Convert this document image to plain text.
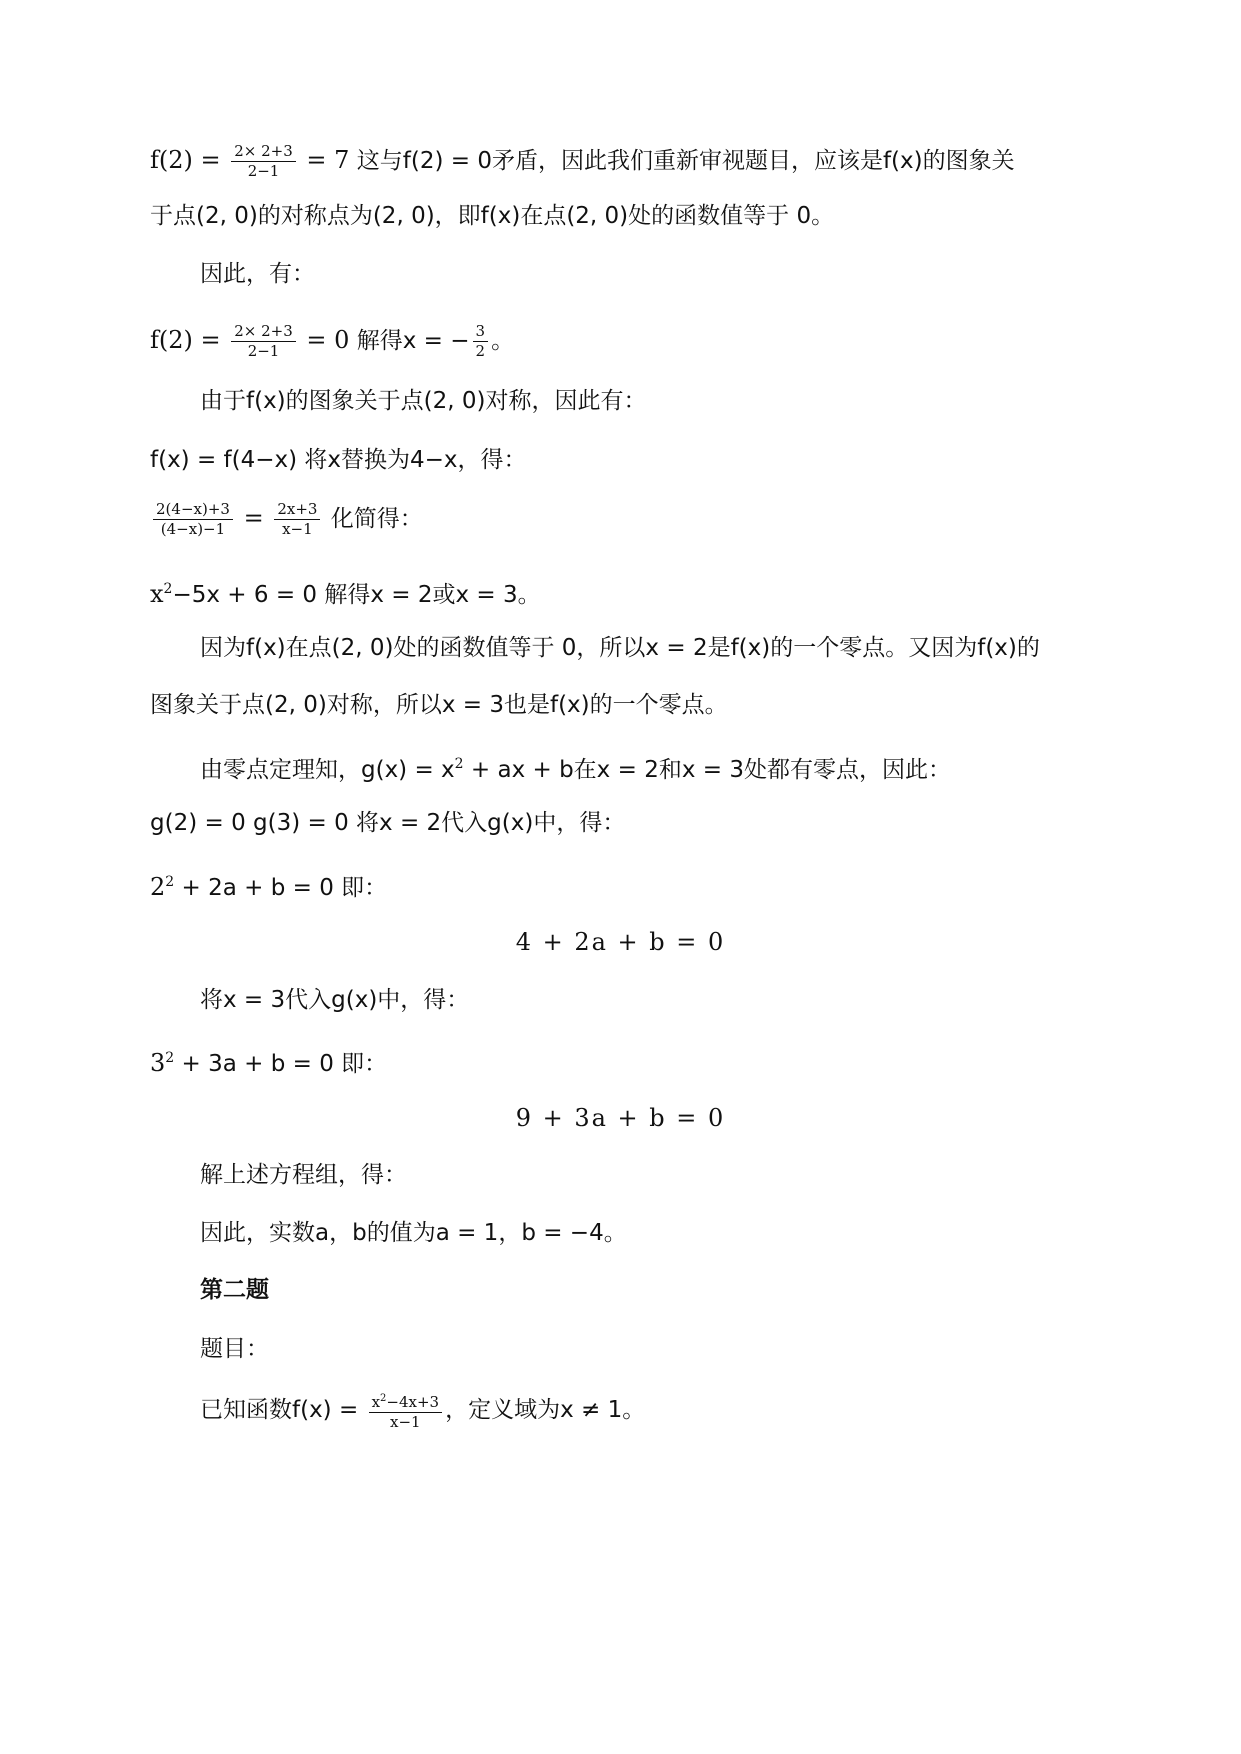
$f(2) = \frac{2\times 2+3}{2-1} = 7$ 这与f(2) = 0矛盾，因此我们重新审视题目，应该是f(x)的图象关
于点(2, 0)的对称点为(2, 0)，即f(x)在点(2, 0)处的函数值等于 0。
因此，有：
$f(2) = \frac{2\times 2+3}{2-1} = 0$ 解得x = − $\frac{3}{2}$ 。
由于f(x)的图象关于点(2, 0)对称，因此有：
f(x) = f(4−x) 将x替换为4−x，得：
$\frac{2(4-x)+3}{(4-x)-1} = \frac{2x+3}{x-1}$ 化简得：
$x^2-5x + 6 = 0$ 解得x = 2或x = 3。
因为f(x)在点(2, 0)处的函数值等于 0，所以x = 2是f(x)的一个零点。又因为f(x)的
图象关于点(2, 0)对称，所以x = 3也是f(x)的一个零点。
由零点定理知，$g(x) = x^2$ + ax + b在x = 2和x = 3处都有零点，因此：
g(2) = 0 g(3) = 0 将x = 2代入g(x)中，得：
$2^2 + 2a + b = 0$ 即：
4 + 2a + b = 0
将x = 3代入g(x)中，得：
$3^2 + 3a + b = 0$ 即：
9 + 3a + b = 0
解上述方程组，得：
因此，实数a，b的值为a = 1，b = −4。
第二题
题目：
已知函数$f(x) = \frac{x^2-4x+3}{x-1}$ ，定义域为x ≠ 1。
